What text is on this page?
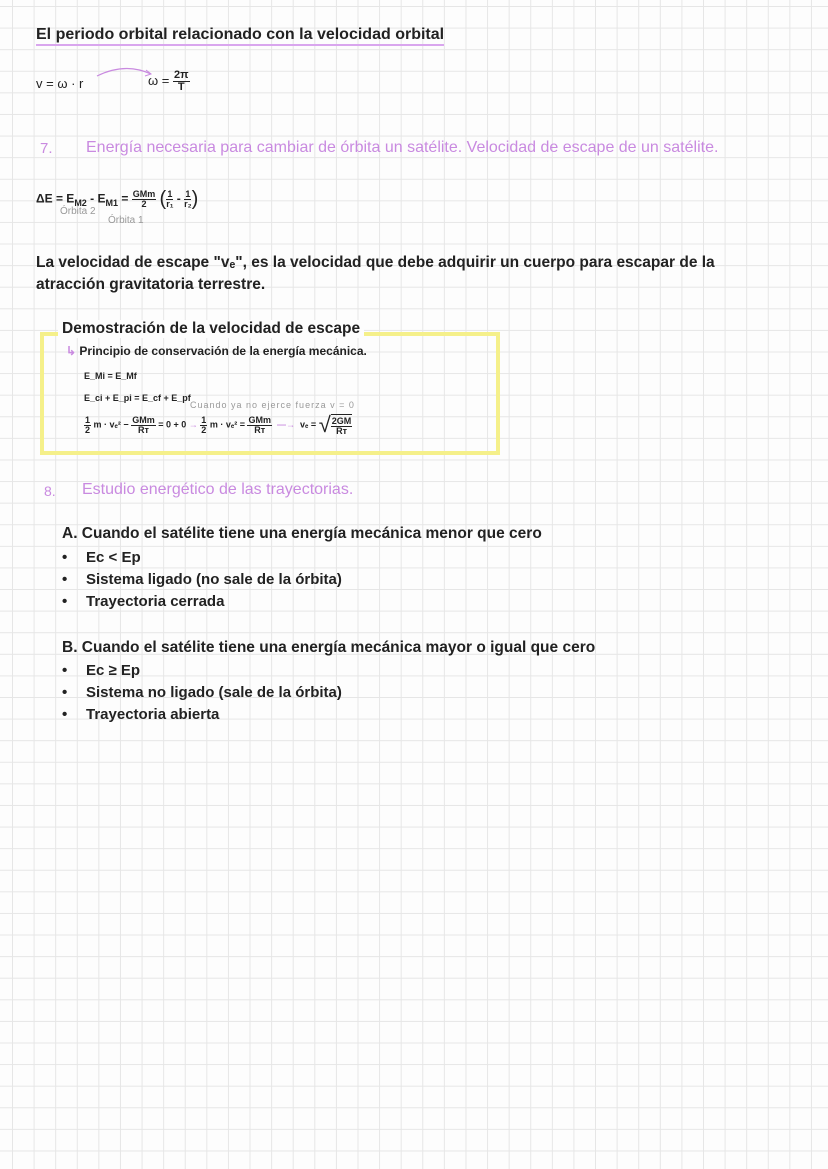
El periodo orbital relacionado con la velocidad orbital
v = ω · r	$\omega = \frac{2\pi}{T}$
7. Energía necesaria para cambiar de órbita un satélite. Velocidad de escape de un satélite.
$\Delta E = E_{M2} - E_{M1} = \frac{\text{GMm}}{2}$ ( $\frac{1}{\text{r₁}} - \frac{1}{\text{r₂}}$ )
Órbita 2
Órbita 1
La velocidad de escape "vₑ", es la velocidad que debe adquirir un cuerpo para escapar de la
atracción gravitatoria terrestre.
Demostración de la velocidad de escape
↳ Principio de conservación de la energía mecánica.
E_Mi = E_Mf
E_ci + E_pi = E_cf + E_pf
Cuando ya no ejerce fuerza v = 0
$\frac{1}{2}$ $m \cdot v_e^2 - \frac{\text{GMm}}{\text{Rᴛ}} = 0 + 0 \to \frac{1}{2}$ $m \cdot v_e^2 = \frac{\text{GMm}}{\text{Rᴛ}}$ —→  vₑ = √ $\frac{2GM}{\text{Rᴛ}}$
8. Estudio energético de las trayectorias.
A. Cuando el satélite tiene una energía mecánica menor que cero
• Ec < Ep
• Sistema ligado (no sale de la órbita)
• Trayectoria cerrada
B. Cuando el satélite tiene una energía mecánica mayor o igual que cero
• Ec ≥ Ep
• Sistema no ligado (sale de la órbita)
• Trayectoria abierta
